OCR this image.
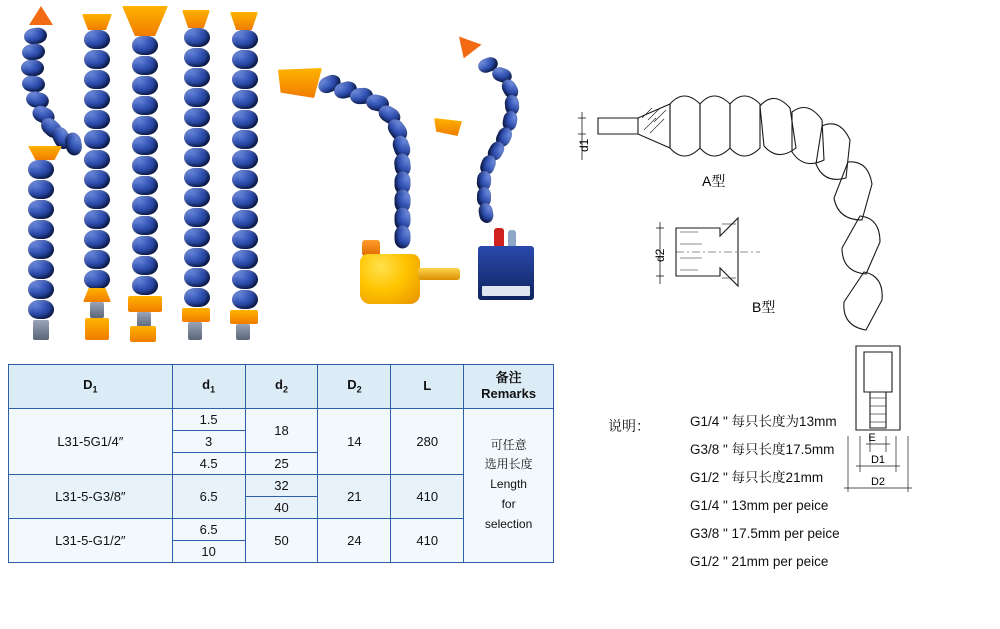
$D_1$	$d_1$	$d_2$	$D_2$	L	备注
Remarks

L31-5G1/4″	1.5	18	14	280	可任意
选用长度
Length
for
selection

	3				
	4.5	25			
L31-5-G3/8″	6.5	32	21	410	
		40			
L31-5-G1/2″	6.5	50	24	410	
	10				
d1
d2
A型
B型
E
D1
D2
说明：	G1/4 " 每只长度为13mm
G3/8 " 每只长度17.5mm
G1/2 " 每只长度21mm
G1/4 " 13mm per peice
G3/8 " 17.5mm per peice
G1/2 " 21mm per peice
